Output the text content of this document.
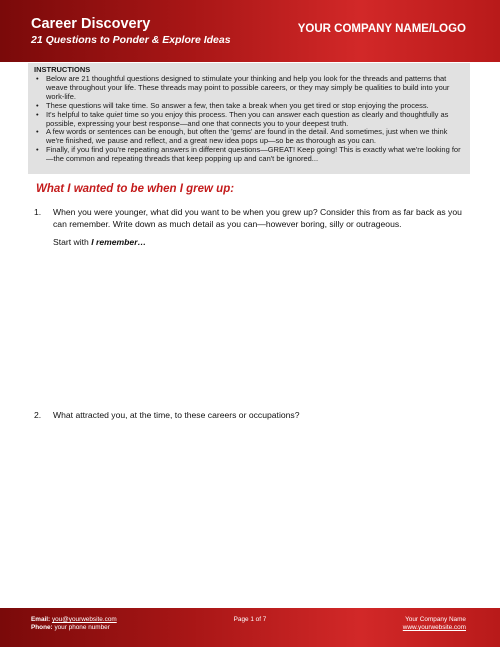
Career Discovery
21 Questions to Ponder & Explore Ideas
YOUR COMPANY NAME/LOGO
INSTRUCTIONS
• Below are 21 thoughtful questions designed to stimulate your thinking and help you look for the threads and patterns that weave throughout your life. These threads may point to possible careers, or they may simply be qualities to build into your work-life.
• These questions will take time. So answer a few, then take a break when you get tired or stop enjoying the process.
• It's helpful to take quiet time so you enjoy this process. Then you can answer each question as clearly and thoughtfully as possible, expressing your best response—and one that connects you to your deepest truth.
• A few words or sentences can be enough, but often the 'gems' are found in the detail. And sometimes, just when we think we're finished, we pause and reflect, and a great new idea pops up—so be as thorough as you can.
• Finally, if you find you're repeating answers in different questions—GREAT! Keep going! This is exactly what we're looking for—the common and repeating threads that keep popping up and can't be ignored...
What I wanted to be when I grew up:
1. When you were younger, what did you want to be when you grew up? Consider this from as far back as you can remember. Write down as much detail as you can—however boring, silly or outrageous.
Start with I remember…
2. What attracted you, at the time, to these careers or occupations?
Email: you@yourwebsite.com
Phone: your phone number
Page 1 of 7	Your Company Name
www.yourwebsite.com
